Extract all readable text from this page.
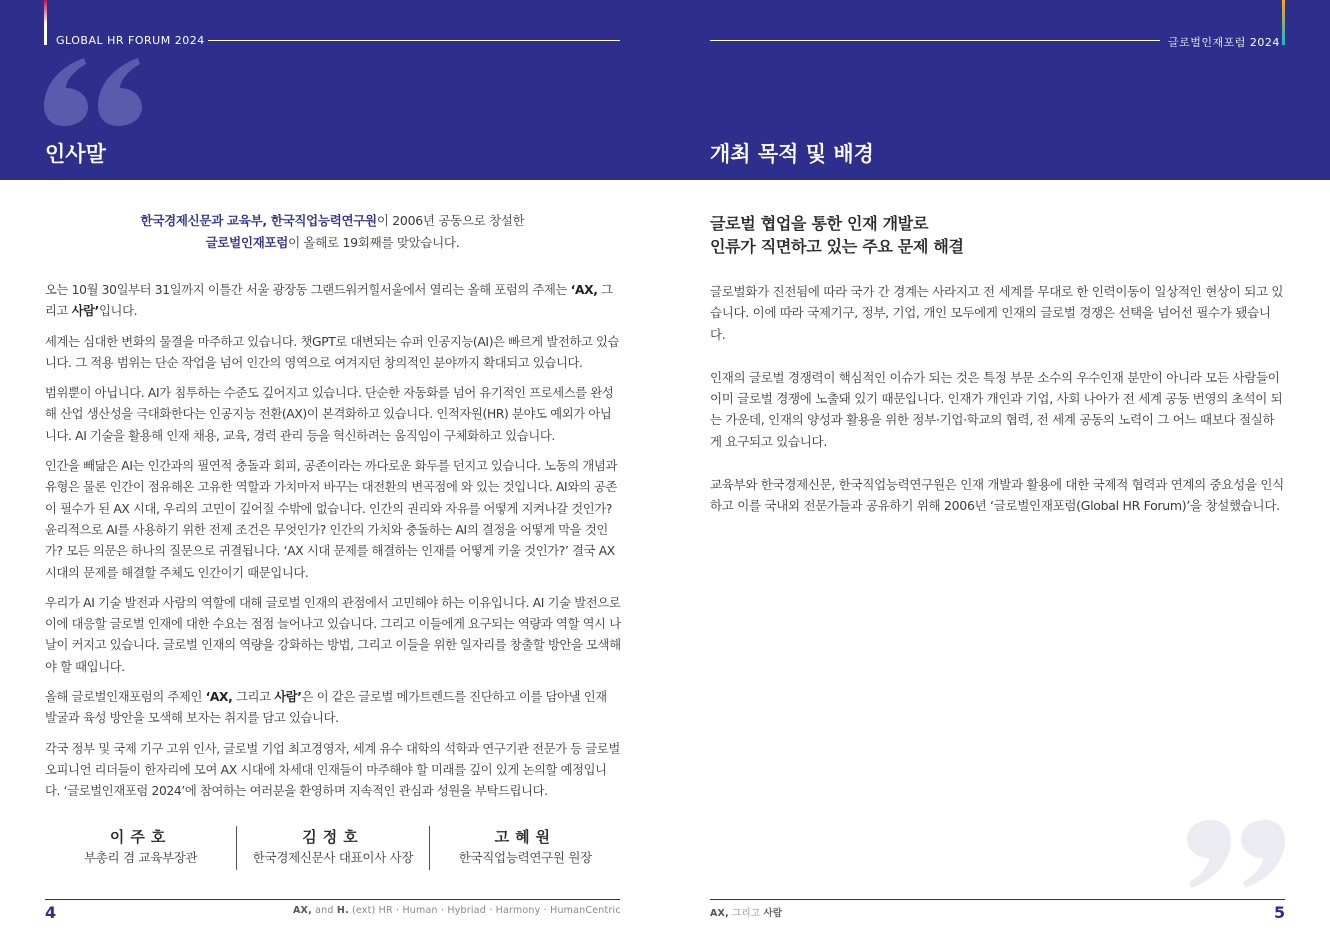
GLOBAL HR FORUM 2024
인사말
한국경제신문과 교육부, 한국직업능력연구원이 2006년 공동으로 창설한
글로벌인재포럼이 올해로 19회째를 맞았습니다.

오는 10월 30일부터 31일까지 이틀간 서울 광장동 그랜드워커힐서울에서 열리는 올해 포럼의 주제는 ‘AX, 그리고 사람’입니다.

세계는 심대한 변화의 물결을 마주하고 있습니다. 챗GPT로 대변되는 슈퍼 인공지능(AI)은 빠르게 발전하고 있습니다. 그 적용 범위는 단순 작업을 넘어 인간의 영역으로 여겨지던 창의적인 분야까지 확대되고 있습니다.

범위뿐이 아닙니다. AI가 침투하는 수준도 깊어지고 있습니다. 단순한 자동화를 넘어 유기적인 프로세스를 완성해 산업 생산성을 극대화한다는 인공지능 전환(AX)이 본격화하고 있습니다. 인적자원(HR) 분야도 예외가 아닙니다. AI 기술을 활용해 인재 채용, 교육, 경력 관리 등을 혁신하려는 움직임이 구체화하고 있습니다.

인간을 빼닮은 AI는 인간과의 필연적 충돌과 회피, 공존이라는 까다로운 화두를 던지고 있습니다. 노동의 개념과 유형은 물론 인간이 점유해온 고유한 역할과 가치마저 바꾸는 대전환의 변곡점에 와 있는 것입니다. AI와의 공존이 필수가 된 AX 시대, 우리의 고민이 깊어질 수밖에 없습니다. 인간의 권리와 자유를 어떻게 지켜나갈 것인가? 윤리적으로 AI를 사용하기 위한 전제 조건은 무엇인가? 인간의 가치와 충돌하는 AI의 결정을 어떻게 막을 것인가? 모든 의문은 하나의 질문으로 귀결됩니다. ‘AX 시대 문제를 해결하는 인재를 어떻게 키울 것인가?’ 결국 AX 시대의 문제를 해결할 주체도 인간이기 때문입니다.

우리가 AI 기술 발전과 사람의 역할에 대해 글로벌 인재의 관점에서 고민해야 하는 이유입니다. AI 기술 발전으로 이에 대응할 글로벌 인재에 대한 수요는 점점 늘어나고 있습니다. 그리고 이들에게 요구되는 역량과 역할 역시 나날이 커지고 있습니다. 글로벌 인재의 역량을 강화하는 방법, 그리고 이들을 위한 일자리를 창출할 방안을 모색해야 할 때입니다.

올해 글로벌인재포럼의 주제인 ‘AX, 그리고 사람’은 이 같은 글로벌 메가트렌드를 진단하고 이를 담아낼 인재 발굴과 육성 방안을 모색해 보자는 취지를 담고 있습니다.

각국 정부 및 국제 기구 고위 인사, 글로벌 기업 최고경영자, 세계 유수 대학의 석학과 연구기관 전문가 등 글로벌 오피니언 리더들이 한자리에 모여 AX 시대에 차세대 인재들이 마주해야 할 미래를 깊이 있게 논의할 예정입니다. ‘글로벌인재포럼 2024’에 참여하는 여러분을 환영하며 지속적인 관심과 성원을 부탁드립니다.

이주호
부총리 겸 교육부장관
김정호
한국경제신문사 대표이사 사장
고혜원
한국직업능력연구원 원장
4	AX, and H. (ext) HR · Human · Hybriad · Harmony · HumanCentric
글로벌인재포럼 2024
개최 목적 및 배경
글로벌 협업을 통한 인재 개발로
인류가 직면하고 있는 주요 문제 해결

글로벌화가 진전됨에 따라 국가 간 경계는 사라지고 전 세계를 무대로 한 인력이동이 일상적인 현상이 되고 있습니다. 이에 따라 국제기구, 정부, 기업, 개인 모두에게 인재의 글로벌 경쟁은 선택을 넘어선 필수가 됐습니다.

인재의 글로벌 경쟁력이 핵심적인 이슈가 되는 것은 특정 부문 소수의 우수인재 분만이 아니라 모든 사람들이 이미 글로벌 경쟁에 노출돼 있기 때문입니다. 인재가 개인과 기업, 사회 나아가 전 세계 공동 번영의 초석이 되는 가운데, 인재의 양성과 활용을 위한 정부·기업·학교의 협력, 전 세계 공동의 노력이 그 어느 때보다 절실하게 요구되고 있습니다.

교육부와 한국경제신문, 한국직업능력연구원은 인재 개발과 활용에 대한 국제적 협력과 연계의 중요성을 인식하고 이를 국내외 전문가들과 공유하기 위해 2006년 ‘글로벌인재포럼(Global HR Forum)’을 창설했습니다.

AX, 그리고 사람	5
